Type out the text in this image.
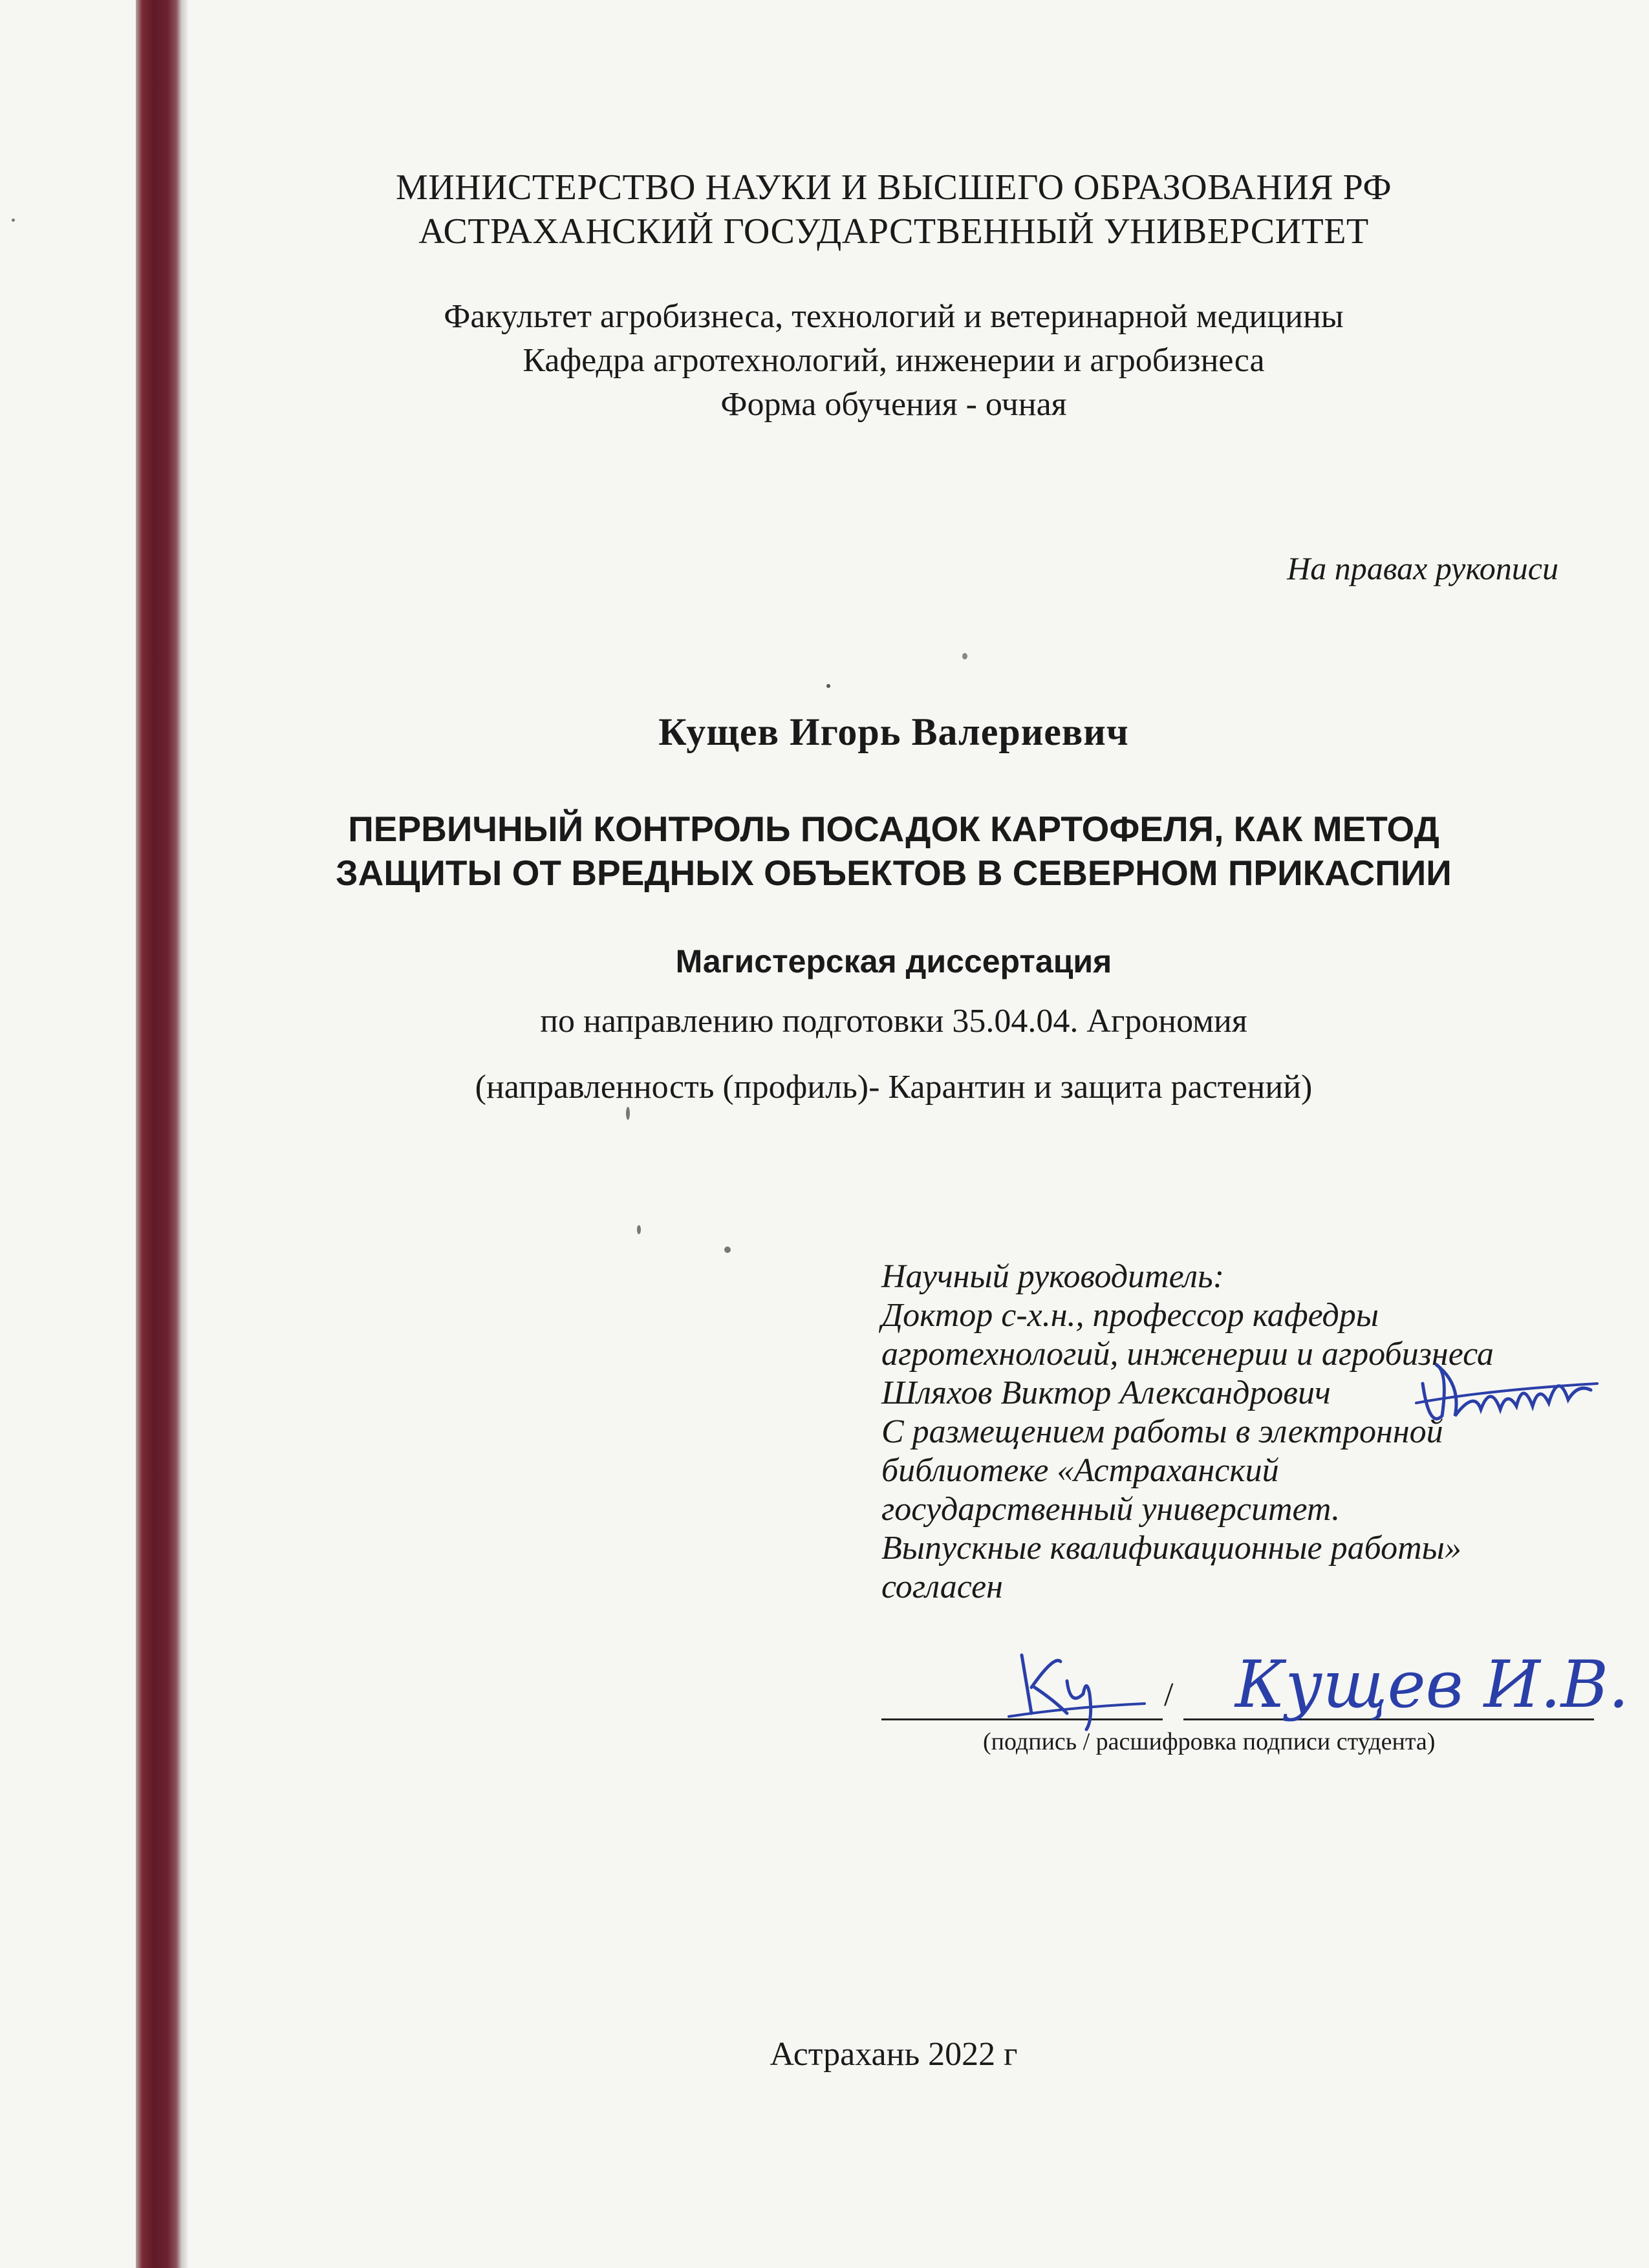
МИНИСТЕРСТВО НАУКИ И ВЫСШЕГО ОБРАЗОВАНИЯ РФ
АСТРАХАНСКИЙ ГОСУДАРСТВЕННЫЙ УНИВЕРСИТЕТ
Факультет агробизнеса, технологий и ветеринарной медицины
Кафедра агротехнологий, инженерии и агробизнеса
Форма обучения - очная
На правах рукописи
Кущев Игорь Валериевич
ПЕРВИЧНЫЙ КОНТРОЛЬ ПОСАДОК КАРТОФЕЛЯ, КАК МЕТОД
ЗАЩИТЫ ОТ ВРЕДНЫХ ОБЪЕКТОВ В СЕВЕРНОМ ПРИКАСПИИ
Магистерская диссертация
по направлению подготовки 35.04.04. Агрономия
(направленность (профиль)- Карантин и защита растений)
Научный руководитель:
Доктор с-х.н., профессор кафедры
агротехнологий, инженерии и агробизнеса
Шляхов Виктор Александрович
С размещением работы в электронной
библиотеке «Астраханский
государственный университет.
Выпускные квалификационные работы»
согласен
/ Кущев И.В.
(подпись / расшифровка подписи студента)
Астрахань 2022 г
